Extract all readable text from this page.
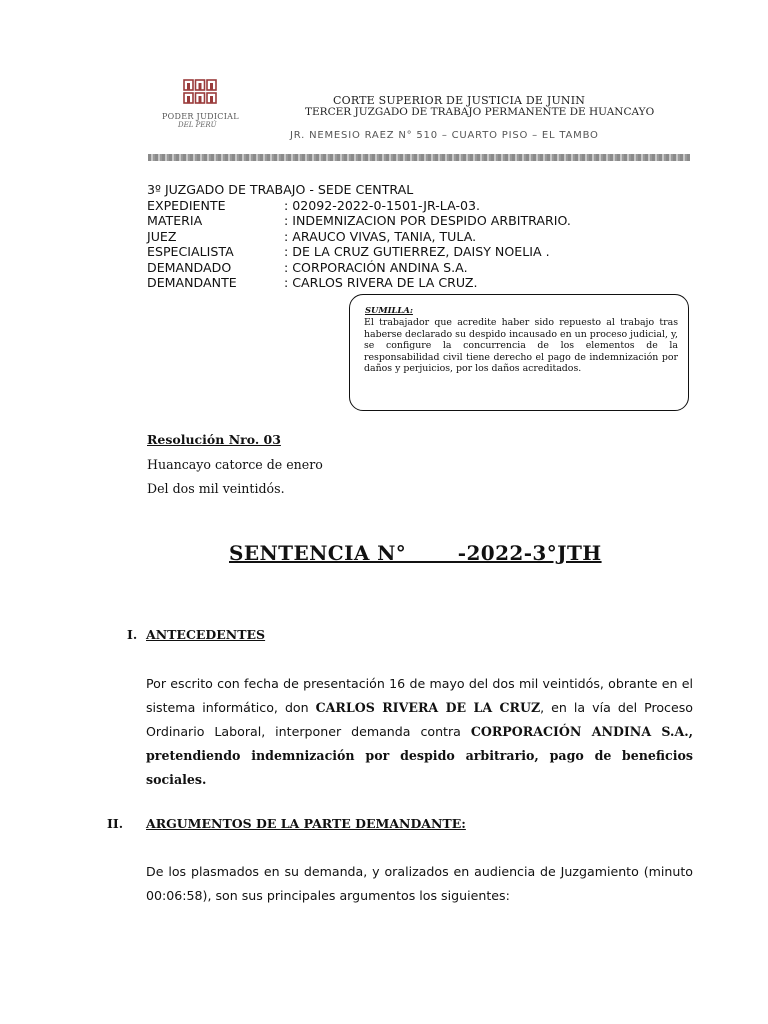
PODER JUDICIAL
DEL PERÚ
CORTE SUPERIOR DE JUSTICIA DE JUNIN
TERCER JUZGADO DE TRABAJO PERMANENTE DE HUANCAYO
JR. NEMESIO RAEZ N° 510 – CUARTO PISO – EL TAMBO
3º JUZGADO DE TRABAJO - SEDE CENTRAL
EXPEDIENTE	: 02092-2022-0-1501-JR-LA-03.
MATERIA	: INDEMNIZACION POR DESPIDO ARBITRARIO.
JUEZ	: ARAUCO VIVAS, TANIA, TULA.
ESPECIALISTA	: DE LA CRUZ GUTIERREZ, DAISY NOELIA .
DEMANDADO	: CORPORACIÓN ANDINA S.A.
DEMANDANTE	: CARLOS RIVERA DE LA CRUZ.
SUMILLA:
El trabajador que acredite haber sido repuesto al trabajo tras haberse declarado su despido incausado en un proceso judicial, y, se configure la concurrencia de los elementos de la responsabilidad civil tiene derecho el pago de indemnización por daños y perjuicios, por los daños acreditados.
Resolución Nro. 03
Huancayo catorce de enero
Del dos mil veintidós.
SENTENCIA N°       -2022-3°JTH
I. ANTECEDENTES
Por escrito con fecha de presentación 16 de mayo del dos mil veintidós, obrante en el sistema informático, don CARLOS RIVERA DE LA CRUZ, en la vía del Proceso Ordinario Laboral, interponer demanda contra CORPORACIÓN ANDINA S.A., pretendiendo indemnización por despido arbitrario, pago de beneficios sociales.
II. ARGUMENTOS DE LA PARTE DEMANDANTE:
De los plasmados en su demanda, y oralizados en audiencia de Juzgamiento (minuto 00:06:58), son sus principales argumentos los siguientes:
